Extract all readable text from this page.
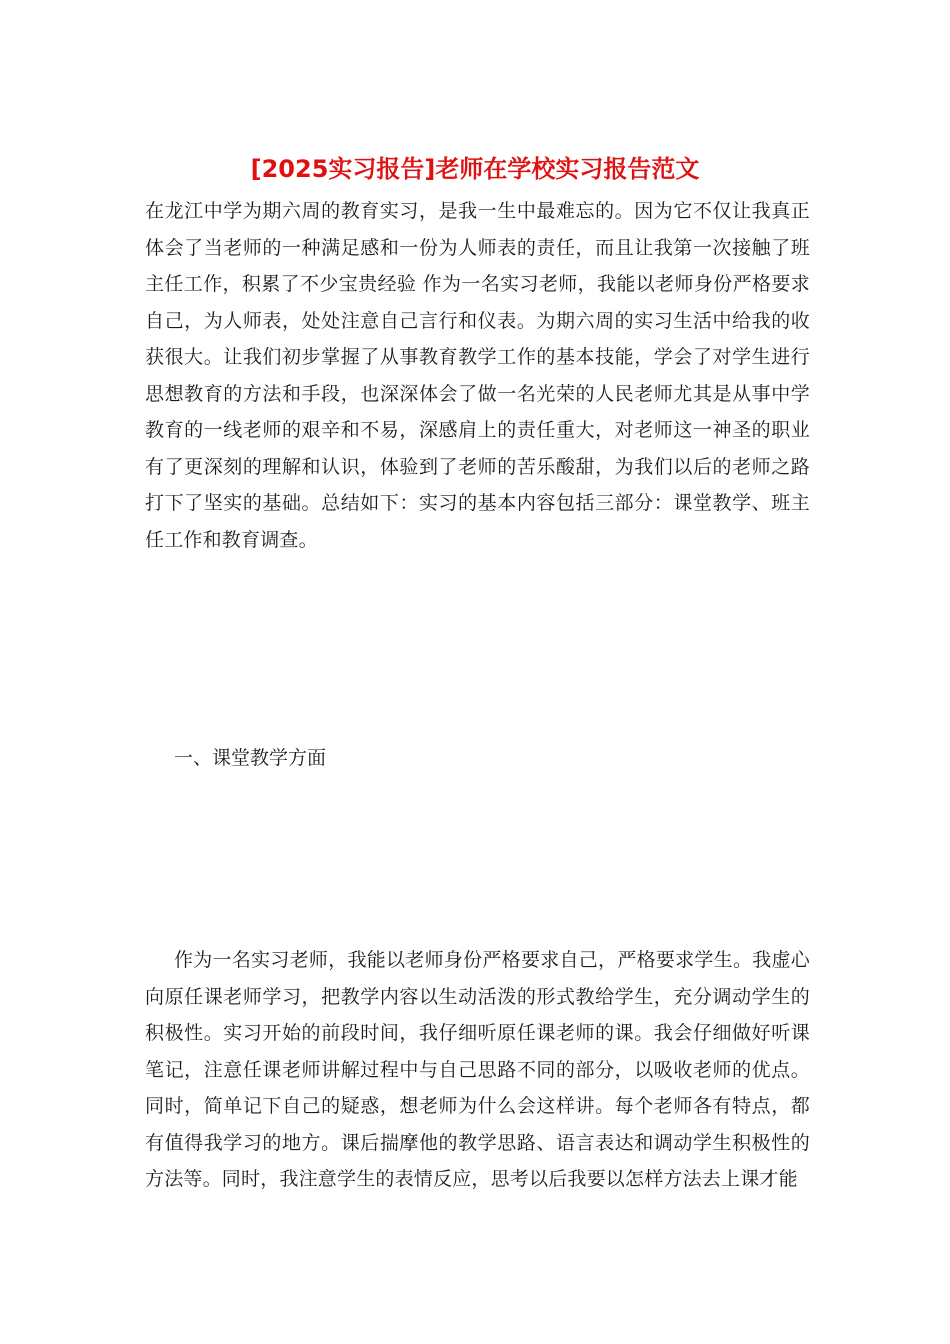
[2025实习报告]老师在学校实习报告范文

在龙江中学为期六周的教育实习，是我一生中最难忘的。因为它不仅让我真正体会了当老师的一种满足感和一份为人师表的责任，而且让我第一次接触了班主任工作，积累了不少宝贵经验 作为一名实习老师，我能以老师身份严格要求自己，为人师表，处处注意自己言行和仪表。为期六周的实习生活中给我的收获很大。让我们初步掌握了从事教育教学工作的基本技能，学会了对学生进行思想教育的方法和手段，也深深体会了做一名光荣的人民老师尤其是从事中学教育的一线老师的艰辛和不易，深感肩上的责任重大，对老师这一神圣的职业有了更深刻的理解和认识，体验到了老师的苦乐酸甜，为我们以后的老师之路打下了坚实的基础。总结如下：实习的基本内容包括三部分：课堂教学、班主任工作和教育调查。

一、课堂教学方面

作为一名实习老师，我能以老师身份严格要求自己，严格要求学生。我虚心向原任课老师学习，把教学内容以生动活泼的形式教给学生，充分调动学生的积极性。实习开始的前段时间，我仔细听原任课老师的课。我会仔细做好听课笔记，注意任课老师讲解过程中与自己思路不同的部分，以吸收老师的优点。同时，简单记下自己的疑惑，想老师为什么会这样讲。每个老师各有特点，都有值得我学习的地方。课后揣摩他的教学思路、语言表达和调动学生积极性的方法等。同时，我注意学生的表情反应，思考以后我要以怎样方法去上课才能
